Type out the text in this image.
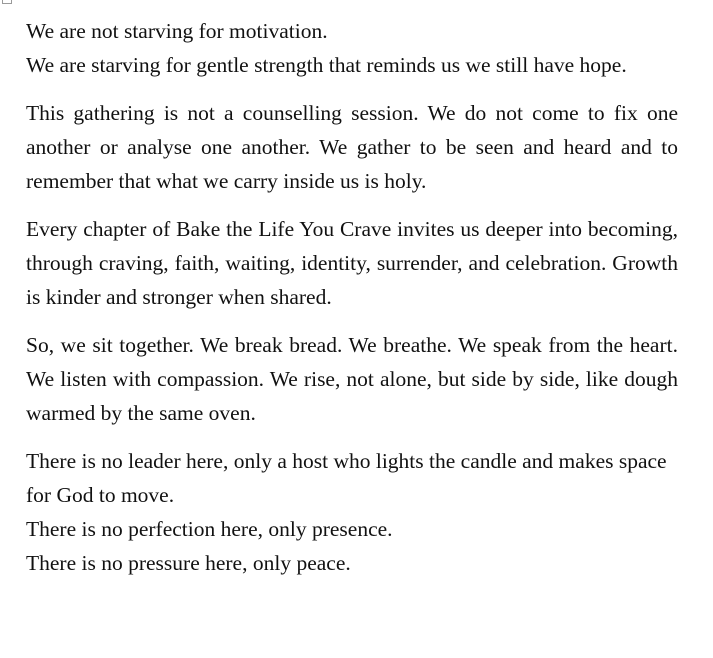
We are not starving for motivation.
We are starving for gentle strength that reminds us we still have hope.

This gathering is not a counselling session. We do not come to fix one another or analyse one another. We gather to be seen and heard and to remember that what we carry inside us is holy.

Every chapter of Bake the Life You Crave invites us deeper into becoming, through craving, faith, waiting, identity, surrender, and celebration. Growth is kinder and stronger when shared.

So, we sit together. We break bread. We breathe. We speak from the heart. We listen with compassion. We rise, not alone, but side by side, like dough warmed by the same oven.

There is no leader here, only a host who lights the candle and makes space for God to move.
There is no perfection here, only presence.
There is no pressure here, only peace.
